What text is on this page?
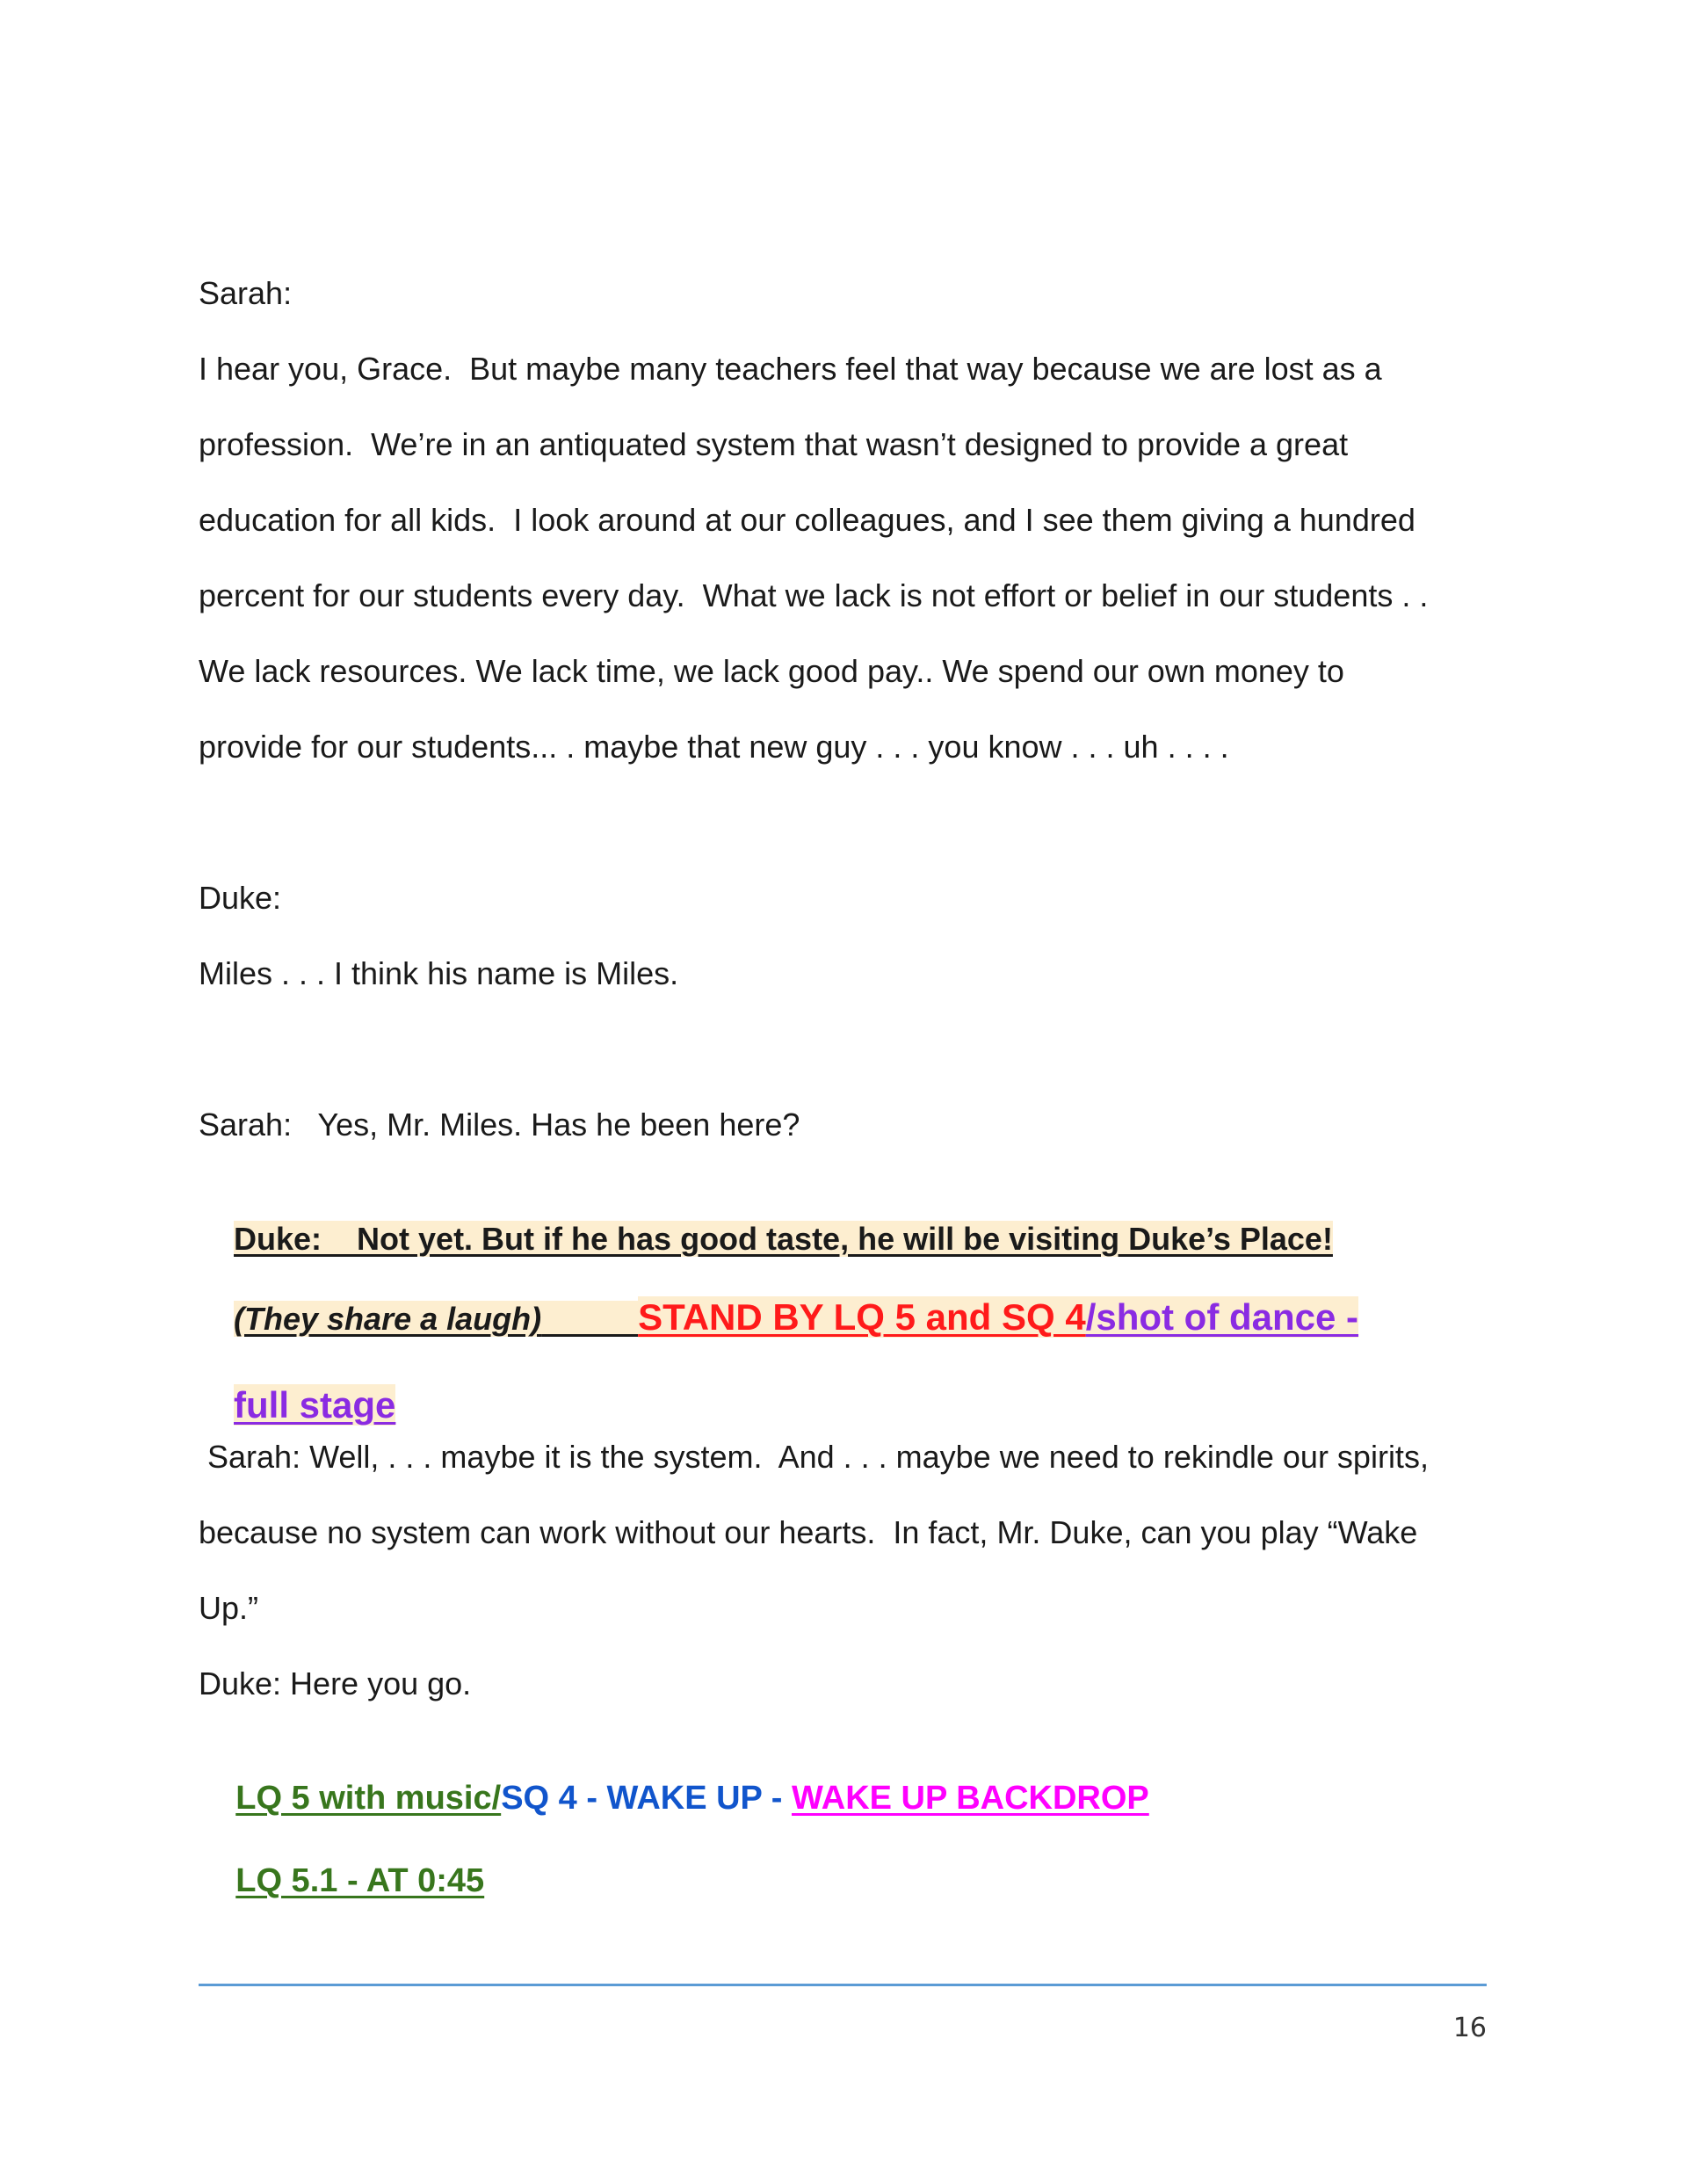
Sarah:
I hear you, Grace.  But maybe many teachers feel that way because we are lost as a
profession.  We’re in an antiquated system that wasn’t designed to provide a great
education for all kids.  I look around at our colleagues, and I see them giving a hundred
percent for our students every day.  What we lack is not effort or belief in our students . .
We lack resources. We lack time, we lack good pay.. We spend our own money to
provide for our students... . maybe that new guy . . . you know . . . uh . . . .
Duke:
Miles . . . I think his name is Miles.
Sarah:   Yes, Mr. Miles. Has he been here?

Duke:    Not yet. But if he has good taste, he will be visiting Duke’s Place!

(They share a laugh)	STAND BY LQ 5 and SQ 4/shot of dance -

full stage

Sarah: Well, . . . maybe it is the system.  And . . . maybe we need to rekindle our spirits,
because no system can work without our hearts.  In fact, Mr. Duke, can you play “Wake
Up.”
Duke: Here you go.

LQ 5 with music/SQ 4 - WAKE UP - WAKE UP BACKDROP

LQ 5.1 - AT 0:45

16
